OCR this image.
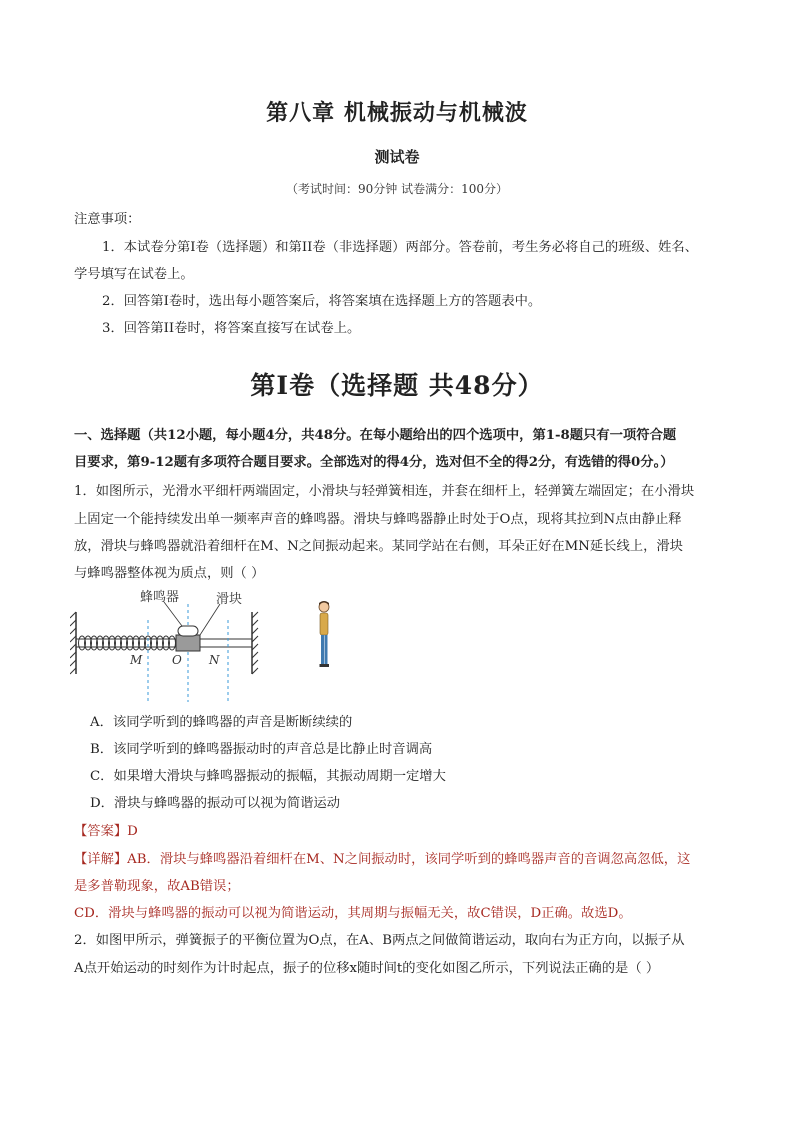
第八章 机械振动与机械波
测试卷
（考试时间：90分钟 试卷满分：100分）
注意事项：
1．本试卷分第I卷（选择题）和第II卷（非选择题）两部分。答卷前，考生务必将自己的班级、姓名、
学号填写在试卷上。
2．回答第I卷时，选出每小题答案后，将答案填在选择题上方的答题表中。
3．回答第II卷时，将答案直接写在试卷上。
第Ⅰ卷（选择题 共48分）
一、选择题（共12小题，每小题4分，共48分。在每小题给出的四个选项中，第1-8题只有一项符合题
目要求，第9-12题有多项符合题目要求。全部选对的得4分，选对但不全的得2分，有选错的得0分。）
1．如图所示，光滑水平细杆两端固定，小滑块与轻弹簧相连，并套在细杆上，轻弹簧左端固定；在小滑块
上固定一个能持续发出单一频率声音的蜂鸣器。滑块与蜂鸣器静止时处于O点，现将其拉到N点由静止释
放，滑块与蜂鸣器就沿着细杆在M、N之间振动起来。某同学站在右侧，耳朵正好在MN延长线上，滑块
与蜂鸣器整体视为质点，则（ ）
蜂鸣器	滑块
M O N
A．该同学听到的蜂鸣器的声音是断断续续的
B．该同学听到的蜂鸣器振动时的声音总是比静止时音调高
C．如果增大滑块与蜂鸣器振动的振幅，其振动周期一定增大
D．滑块与蜂鸣器的振动可以视为简谐运动
【答案】D
【详解】AB．滑块与蜂鸣器沿着细杆在M、N之间振动时，该同学听到的蜂鸣器声音的音调忽高忽低，这
是多普勒现象，故AB错误；
CD．滑块与蜂鸣器的振动可以视为简谐运动，其周期与振幅无关，故C错误，D正确。故选D。
2．如图甲所示，弹簧振子的平衡位置为O点，在A、B两点之间做简谐运动，取向右为正方向，以振子从
A点开始运动的时刻作为计时起点，振子的位移x随时间t的变化如图乙所示，下列说法正确的是（ ）
